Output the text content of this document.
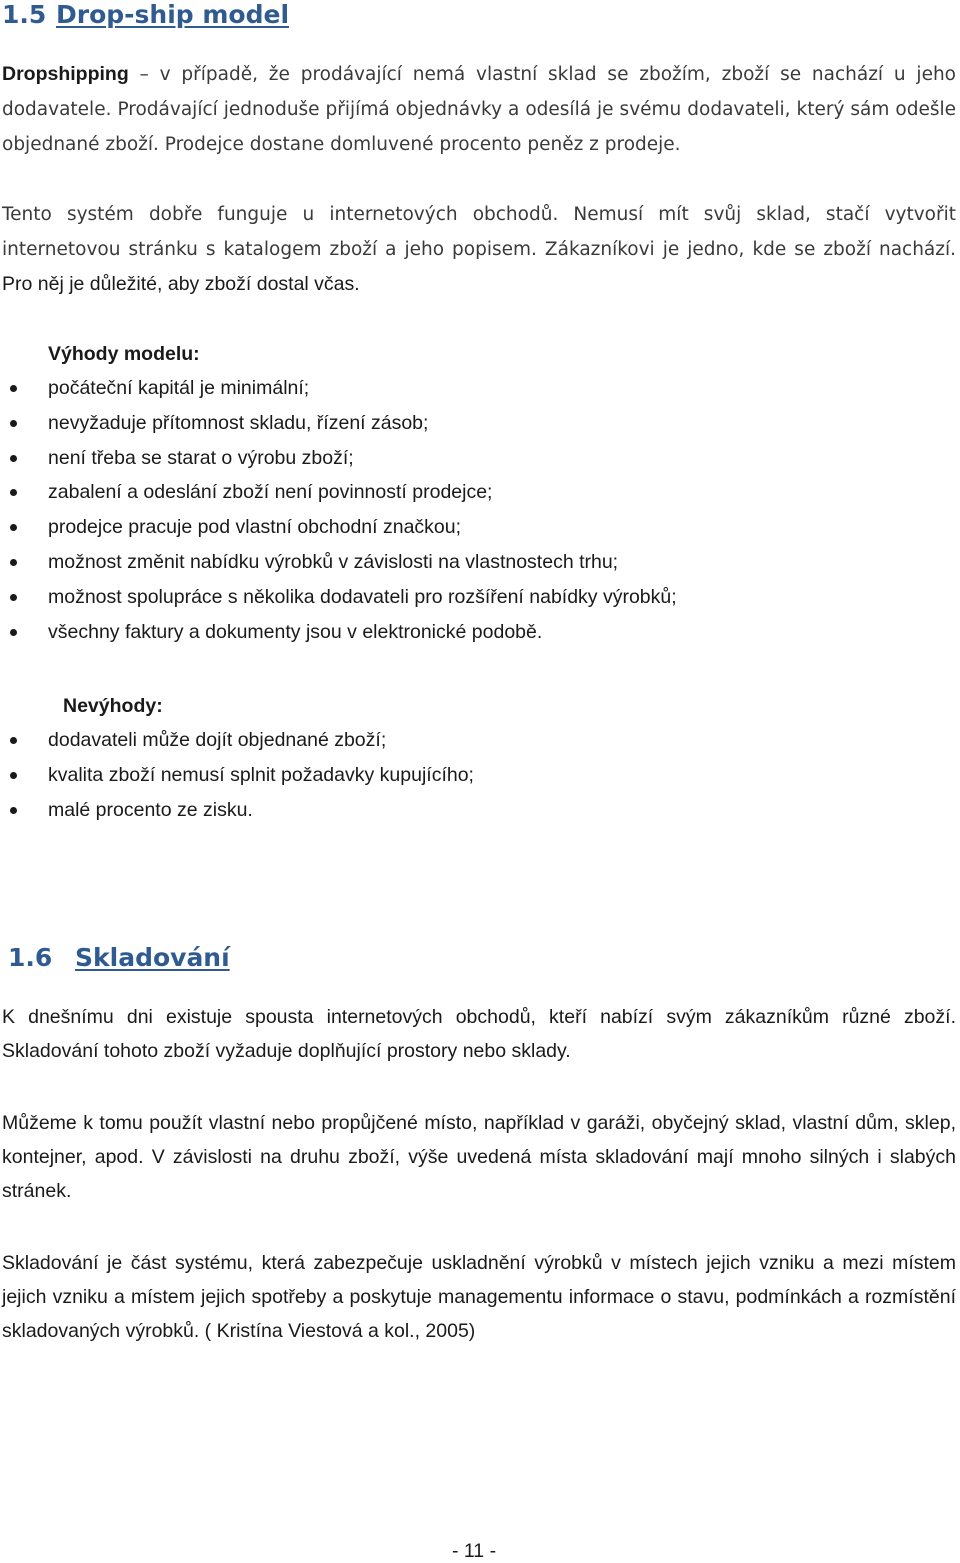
1.5 Drop-ship model

Dropshipping – v případě, že prodávající nemá vlastní sklad se zbožím, zboží se nachází u jeho dodavatele. Prodávající jednoduše přijímá objednávky a odesílá je svému dodavateli, který sám odešle objednané zboží. Prodejce dostane domluvené procento peněz z prodeje.

Tento systém dobře funguje u internetových obchodů. Nemusí mít svůj sklad, stačí vytvořit internetovou stránku s katalogem zboží a jeho popisem. Zákazníkovi je jedno, kde se zboží nachází. Pro něj je důležité, aby zboží dostal včas.

Výhody modelu:
počáteční kapitál je minimální;
nevyžaduje přítomnost skladu, řízení zásob;
není třeba se starat o výrobu zboží;
zabalení a odeslání zboží není povinností prodejce;
prodejce pracuje pod vlastní obchodní značkou;
možnost změnit nabídku výrobků v závislosti na vlastnostech trhu;
možnost spolupráce s několika dodavateli pro rozšíření nabídky výrobků;
všechny faktury a dokumenty jsou v elektronické podobě.
Nevýhody:
dodavateli může dojít objednané zboží;
kvalita zboží nemusí splnit požadavky kupujícího;
malé procento ze zisku.
1.6 Skladování

K dnešnímu dni existuje spousta internetových obchodů, kteří nabízí svým zákazníkům různé zboží. Skladování tohoto zboží vyžaduje doplňující prostory nebo sklady.

Můžeme k tomu použít vlastní nebo propůjčené místo, například v garáži, obyčejný sklad, vlastní dům, sklep, kontejner, apod. V závislosti na druhu zboží, výše uvedená místa skladování mají mnoho silných i slabých stránek.

Skladování je část systému, která zabezpečuje uskladnění výrobků v místech jejich vzniku a mezi místem jejich vzniku a místem jejich spotřeby a poskytuje managementu informace o stavu, podmínkách a rozmístění skladovaných výrobků. ( Kristína Viestová a kol., 2005)

- 11 -
